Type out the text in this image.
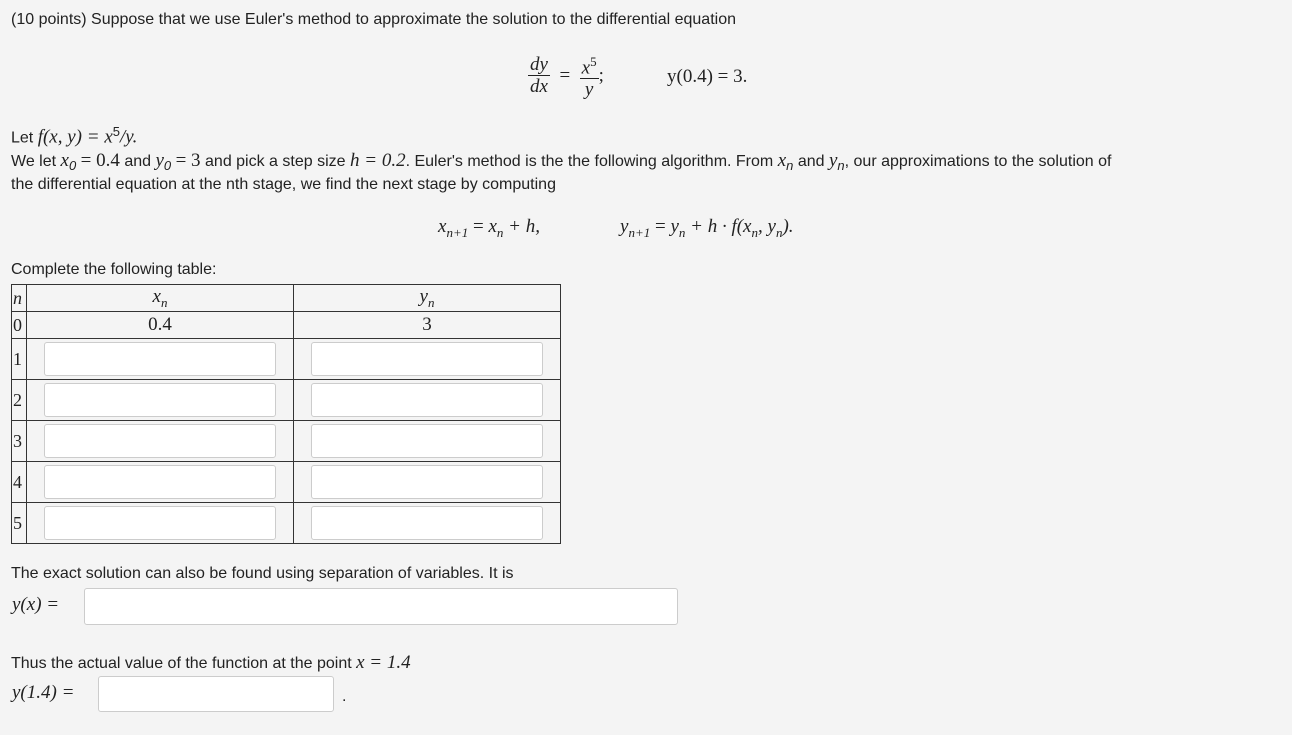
(10 points) Suppose that we use Euler's method to approximate the solution to the differential equation
$\frac{dy}{dx} = \frac{x^5}{y}$ ;	y(0.4) = 3.
Let f(x, $y) = x^5/y$.
We let $x_0 = 0.4$ and $y_0 = 3$ and pick a step size h = 0.2. Euler's method is the the following algorithm. From $x_n$ and $y_n$, our approximations to the solution of
the differential equation at the nth stage, we find the next stage by computing
$x_{n+1} = x_n + h$,	$y_{n+1} = y_n + h \cdot f(x_n$, $y_n$).
Complete the following table:
n	$x_n$	$y_n$
0	0.4	3
1	

2	

3	

4	

5	

The exact solution can also be found using separation of variables. It is
y(x) =
Thus the actual value of the function at the point x = 1.4
y(1.4) =	.
